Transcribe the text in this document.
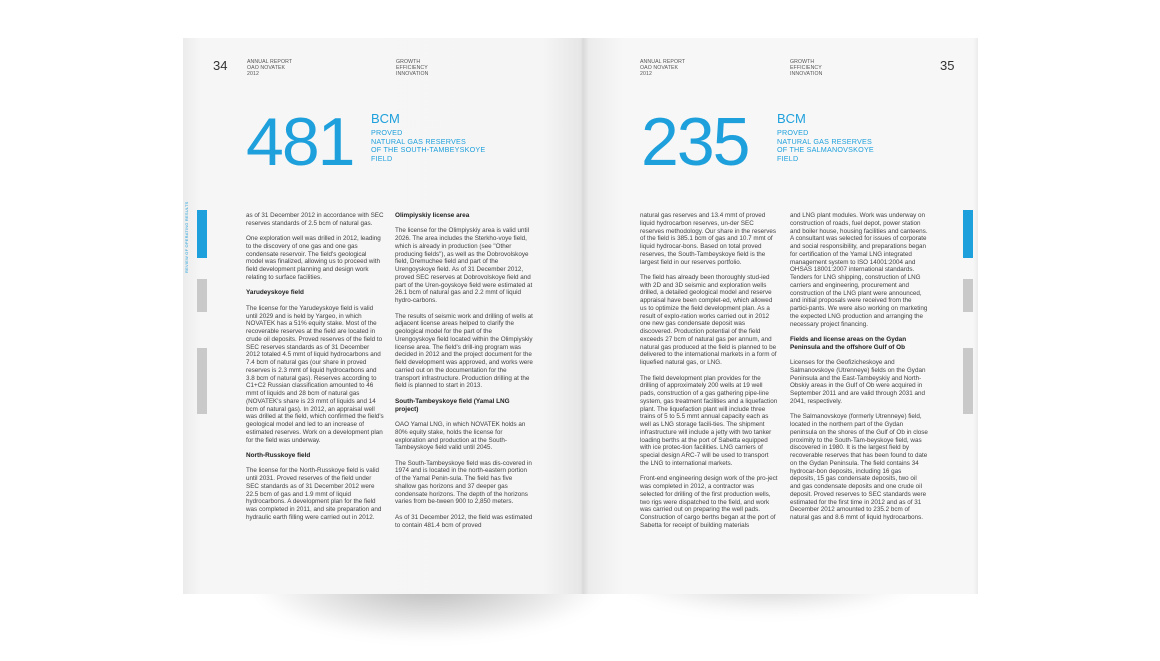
34	ANNUAL REPORT
OAO NOVATEK
2012
GROWTH
EFFICIENCY
INNOVATION
481 BCM
PROVED
NATURAL GAS RESERVES
OF THE SOUTH-TAMBEYSKOYE
FIELD
REVIEW OF OPERATING RESULTS	as of 31 December 2012 in accordance with SEC reserves standards of 2.5 bcm of natural gas.

One exploration well was drilled in 2012, leading to the discovery of one gas and one gas condensate reservoir. The field's geological model was finalized, allowing us to proceed with field development planning and design work relating to surface facilities.

Yarudeyskoye field

The license for the Yarudeyskoye field is valid until 2029 and is held by Yargeo, in which NOVATEK has a 51% equity stake. Most of the recoverable reserves at the field are located in crude oil deposits. Proved reserves of the field to SEC reserves standards as of 31 December 2012 totaled 4.5 mmt of liquid hydrocarbons and 7.4 bcm of natural gas (our share in proved reserves is 2.3 mmt of liquid hydrocarbons and 3.8 bcm of natural gas). Reserves according to C1+C2 Russian classification amounted to 46 mmt of liquids and 28 bcm of natural gas (NOVATEK's share is 23 mmt of liquids and 14 bcm of natural gas). In 2012, an appraisal well was drilled at the field, which confirmed the field's geological model and led to an increase of estimated reserves. Work on a development plan for the field was underway.

North-Russkoye field

The license for the North-Russkoye field is valid until 2031. Proved reserves of the field under SEC standards as of 31 December 2012 were 22.5 bcm of gas and 1.9 mmt of liquid hydrocarbons. A development plan for the field was completed in 2011, and site preparation and hydraulic earth filling were carried out in 2012.

Olimpiyskiy license area

The license for the Olimpiyskiy area is valid until 2026. The area includes the Sterkho-voye field, which is already in production (see "Other producing fields"), as well as the Dobrovolskoye field, Dremuchee field and part of the Urengoyskoye field. As of 31 December 2012, proved SEC reserves at Dobrovolskoye field and part of the Uren-goyskoye field were estimated at 26.1 bcm of natural gas and 2.2 mmt of liquid hydro-carbons.

The results of seismic work and drilling of wells at adjacent license areas helped to clarify the geological model for the part of the Urengoyskoye field located within the Olimpiyskiy license area. The field's drill-ing program was decided in 2012 and the project document for the field development was approved, and works were carried out on the documentation for the transport infrastructure. Production drilling at the field is planned to start in 2013.

South-Tambeyskoye field (Yamal LNG project)

OAO Yamal LNG, in which NOVATEK holds an 80% equity stake, holds the license for exploration and production at the South-Tambeyskoye field valid until 2045.

The South-Tambeyskoye field was dis-covered in 1974 and is located in the north-eastern portion of the Yamal Penin-sula. The field has five shallow gas horizons and 37 deeper gas condensate horizons. The depth of the horizons varies from be-tween 900 to 2,850 meters.

As of 31 December 2012, the field was estimated to contain 481.4 bcm of proved

ANNUAL REPORT
OAO NOVATEK
2012
GROWTH
EFFICIENCY
INNOVATION
35
235 BCM
PROVED
NATURAL GAS RESERVES
OF THE SALMANOVSKOYE
FIELD

natural gas reserves and 13.4 mmt of proved liquid hydrocarbon reserves, un-der SEC reserves methodology. Our share in the reserves of the field is 385.1 bcm of gas and 10.7 mmt of liquid hydrocar-bons. Based on total proved reserves, the South-Tambeyskoye field is the largest field in our reserves portfolio.

The field has already been thoroughly stud-ied with 2D and 3D seismic and exploration wells drilled, a detailed geological model and reserve appraisal have been complet-ed, which allowed us to optimize the field development plan. As a result of explo-ration works carried out in 2012 one new gas condensate deposit was discovered. Production potential of the field exceeds 27 bcm of natural gas per annum, and natural gas produced at the field is planned to be delivered to the international markets in a form of liquefied natural gas, or LNG.

The field development plan provides for the drilling of approximately 200 wells at 19 well pads, construction of a gas gathering pipe-line system, gas treatment facilities and a liquefaction plant. The liquefaction plant will include three trains of 5 to 5.5 mmt annual capacity each as well as LNG storage facili-ties. The shipment infrastructure will include a jetty with two tanker loading berths at the port of Sabetta equipped with ice protec-tion facilities. LNG carriers of special design ARC-7 will be used to transport the LNG to international markets.

Front-end engineering design work of the pro-ject was completed in 2012, a contractor was selected for drilling of the first production wells, two rigs were dispatched to the field, and work was carried out on preparing the well pads. Construction of cargo berths began at the port of Sabetta for receipt of building materials

and LNG plant modules. Work was underway on construction of roads, fuel depot, power station and boiler house, housing facilities and canteens. A consultant was selected for issues of corporate and social responsibility, and preparations began for certification of the Yamal LNG integrated management system to ISO 14001:2004 and OHSAS 18001:2007 international standards. Tenders for LNG shipping, construction of LNG carriers and engineering, procurement and construction of the LNG plant were announced, and initial proposals were received from the partici-pants. We were also working on marketing the expected LNG production and arranging the necessary project financing.

Fields and license areas on the Gydan Peninsula and the offshore Gulf of Ob

Licenses for the Geofizicheskoye and Salmanovskoye (Utrenneye) fields on the Gydan Peninsula and the East-Tambeyskiy and North-Obskiy areas in the Gulf of Ob were acquired in September 2011 and are valid through 2031 and 2041, respectively.

The Salmanovskoye (formerly Utrenneye) field, located in the northern part of the Gydan peninsula on the shores of the Gulf of Ob in close proximity to the South-Tam-beyskoye field, was discovered in 1980. It is the largest field by recoverable reserves that has been found to date on the Gydan Peninsula. The field contains 34 hydrocar-bon deposits, including 16 gas deposits, 15 gas condensate deposits, two oil and gas condensate deposits and one crude oil deposit. Proved reserves to SEC standards were estimated for the first time in 2012 and as of 31 December 2012 amounted to 235.2 bcm of natural gas and 8.6 mmt of liquid hydrocarbons.
